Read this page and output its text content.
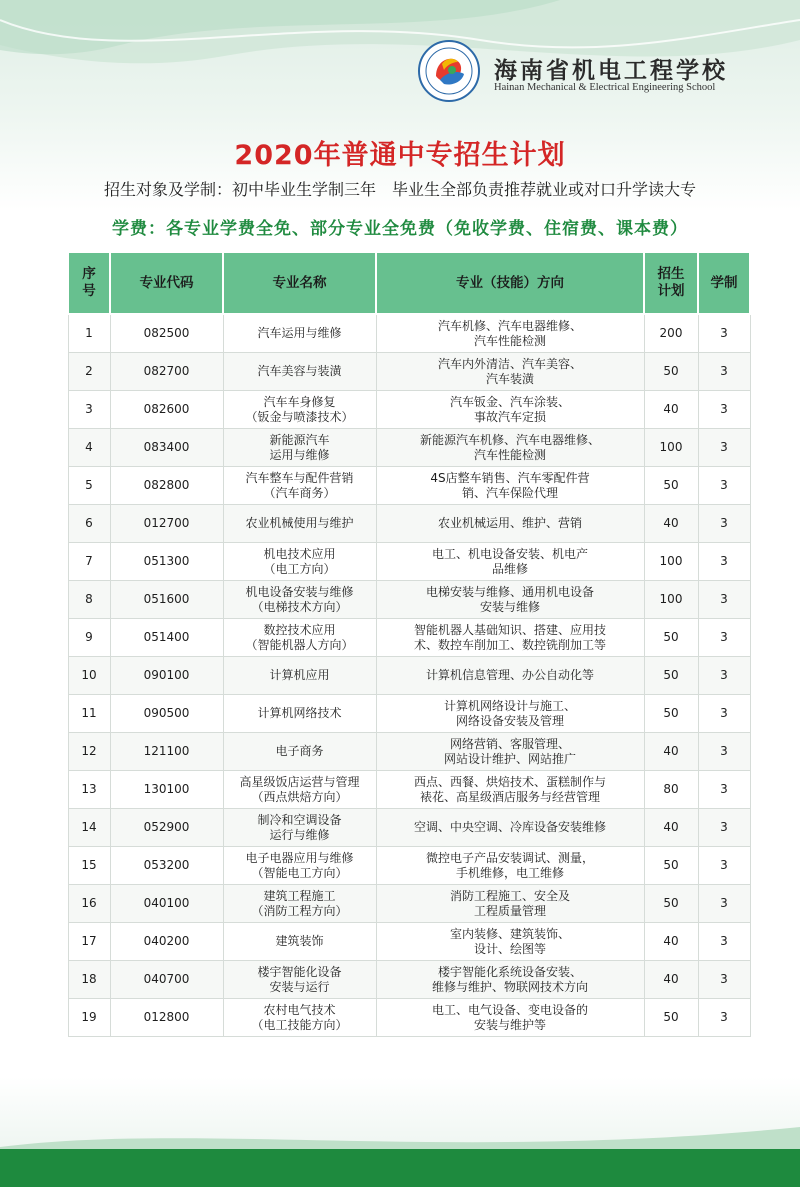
海南省机电工程学校
Hainan Mechanical & Electrical Engineering School
2020年普通中专招生计划
招生对象及学制：初中毕业生学制三年　毕业生全部负责推荐就业或对口升学读大专
学费：各专业学费全免、部分专业全免费（免收学费、住宿费、课本费）
序号	专业代码	专业名称	专业（技能）方向	招生计划	学制
1	082500	汽车运用与维修	汽车机修、汽车电器维修、
汽车性能检测	200	3
2	082700	汽车美容与装潢	汽车内外清洁、汽车美容、
汽车装潢	50	3
3	082600	汽车车身修复
（钣金与喷漆技术）	汽车钣金、汽车涂装、
事故汽车定损	40	3
4	083400	新能源汽车
运用与维修	新能源汽车机修、汽车电器维修、
汽车性能检测	100	3
5	082800	汽车整车与配件营销
（汽车商务）	4S店整车销售、汽车零配件营
销、汽车保险代理	50	3
6	012700	农业机械使用与维护	农业机械运用、维护、营销	40	3
7	051300	机电技术应用
（电工方向）	电工、机电设备安装、机电产
品维修	100	3
8	051600	机电设备安装与维修
（电梯技术方向）	电梯安装与维修、通用机电设备
安装与维修	100	3
9	051400	数控技术应用
（智能机器人方向）	智能机器人基础知识、搭建、应用技
术、数控车削加工、数控铣削加工等	50	3
10	090100	计算机应用	计算机信息管理、办公自动化等	50	3
11	090500	计算机网络技术	计算机网络设计与施工、
网络设备安装及管理	50	3
12	121100	电子商务	网络营销、客服管理、
网站设计维护、网站推广	40	3
13	130100	高星级饭店运营与管理
（西点烘焙方向）	西点、西餐、烘焙技术、蛋糕制作与
裱花、高星级酒店服务与经营管理	80	3
14	052900	制冷和空调设备
运行与维修	空调、中央空调、冷库设备安装维修	40	3
15	053200	电子电器应用与维修
（智能电工方向）	微控电子产品安装调试、测量，
手机维修，电工维修	50	3
16	040100	建筑工程施工
（消防工程方向）	消防工程施工、安全及
工程质量管理	50	3
17	040200	建筑装饰	室内装修、建筑装饰、
设计、绘图等	40	3
18	040700	楼宇智能化设备
安装与运行	楼宇智能化系统设备安装、
维修与维护、物联网技术方向	40	3
19	012800	农村电气技术
（电工技能方向）	电工、电气设备、变电设备的
安装与维护等	50	3
